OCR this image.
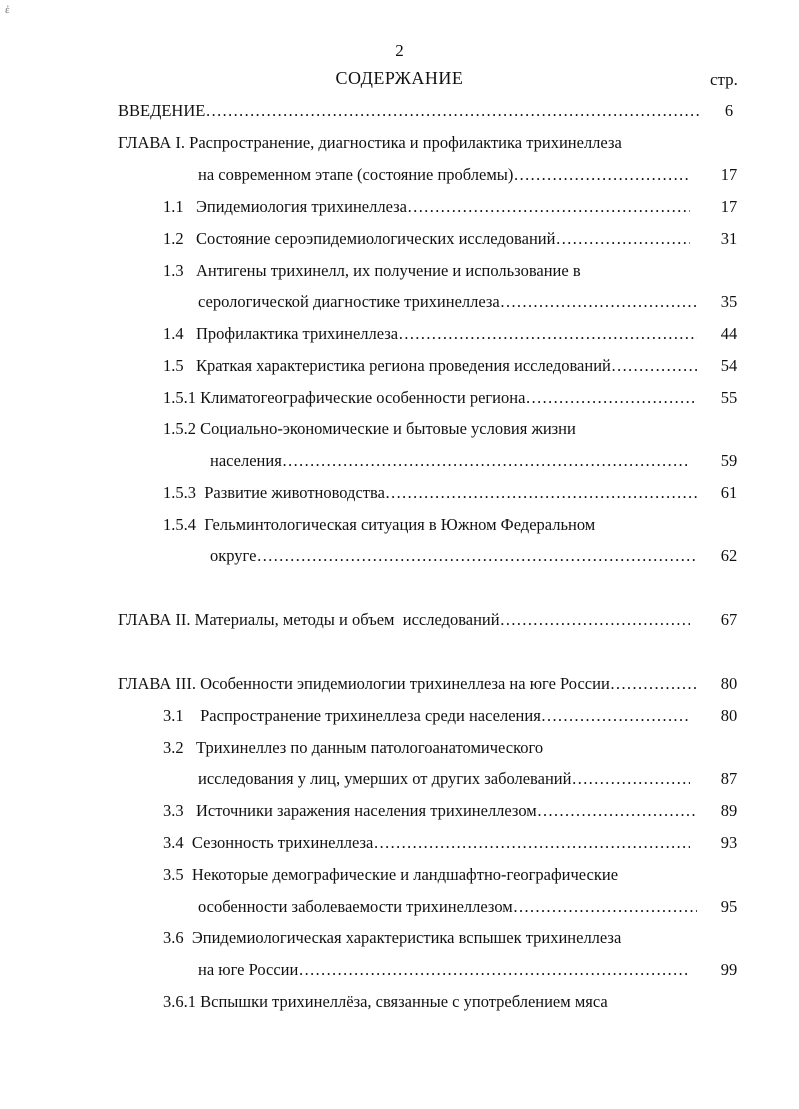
ἐ
2
СОДЕРЖАНИЕ	стр.
ВВЕДЕНИЕ ……………………………………………………………………………………………………………………………………	6
ГЛАВА I. Распространение, диагностика и профилактика трихинеллеза
на современном этапе (состояние проблемы) ……………………………………………………………………………………………………………………………………	17
1.1   Эпидемиология трихинеллеза ……………………………………………………………………………………………………………………………………	17
1.2   Состояние сероэпидемиологических исследований ……………………………………………………………………………………………………………………………………	31
1.3   Антигены трихинелл, их получение и использование в
серологической диагностике трихинеллеза ……………………………………………………………………………………………………………………………………	35
1.4   Профилактика трихинеллеза ……………………………………………………………………………………………………………………………………	44
1.5   Краткая характеристика региона проведения исследований ……………………………………………………………………………………………………………………………………	54
1.5.1 Климатогеографические особенности региона ……………………………………………………………………………………………………………………………………	55
1.5.2 Социально-экономические и бытовые условия жизни
населения ……………………………………………………………………………………………………………………………………	59
1.5.3  Развитие животноводства ……………………………………………………………………………………………………………………………………	61
1.5.4  Гельминтологическая ситуация в Южном Федеральном
округе ……………………………………………………………………………………………………………………………………	62
ГЛАВА II. Материалы, методы и объем  исследований ……………………………………………………………………………………………………………………………………	67
ГЛАВА III. Особенности эпидемиологии трихинеллеза на юге России ……………………………………………………………………………………………………………………………………	80
3.1    Распространение трихинеллеза среди населения ……………………………………………………………………………………………………………………………………	80
3.2   Трихинеллез по данным патологоанатомического
исследования у лиц, умерших от других заболеваний ……………………………………………………………………………………………………………………………………	87
3.3   Источники заражения населения трихинеллезом ……………………………………………………………………………………………………………………………………	89
3.4  Сезонность трихинеллеза ……………………………………………………………………………………………………………………………………	93
3.5  Некоторые демографические и ландшафтно-географические
особенности заболеваемости трихинеллезом ……………………………………………………………………………………………………………………………………	95
3.6  Эпидемиологическая характеристика вспышек трихинеллеза
на юге России ……………………………………………………………………………………………………………………………………	99
3.6.1 Вспышки трихинеллёза, связанные с употреблением мяса
